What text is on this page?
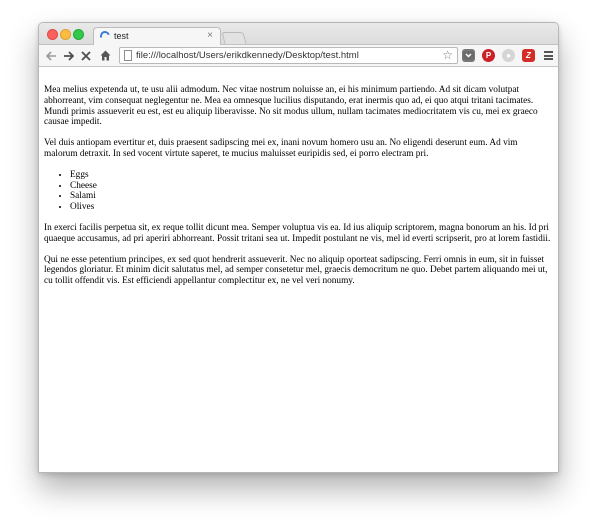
test	×
file:///localhost/Users/erikdkennedy/Desktop/test.html	☆	P	●	Z

Mea melius expetenda ut, te usu alii admodum. Nec vitae nostrum noluisse an, ei his minimum partiendo. Ad sit dicam volutpat abhorreant, vim consequat neglegentur ne. Mea ea omnesque lucilius disputando, erat inermis quo ad, ei quo atqui tritani tacimates. Mundi primis assueverit eu est, est eu aliquip liberavisse. No sit modus ullum, nullam tacimates mediocritatem vis cu, mei ex graeco causae impedit.

Vel duis antiopam evertitur et, duis praesent sadipscing mei ex, inani novum homero usu an. No eligendi deserunt eum. Ad vim malorum detraxit. In sed vocent virtute saperet, te mucius maluisset euripidis sed, ei porro electram pri.

• Eggs
• Cheese
• Salami
• Olives

In exerci facilis perpetua sit, ex reque tollit dicunt mea. Semper voluptua vis ea. Id ius aliquip scriptorem, magna bonorum an his. Id pri quaeque accusamus, ad pri aperiri abhorreant. Possit tritani sea ut. Impedit postulant ne vis, mel id everti scripserit, pro at lorem fastidii.

Qui ne esse petentium principes, ex sed quot hendrerit assueverit. Nec no aliquip oporteat sadipscing. Ferri omnis in eum, sit in fuisset legendos gloriatur. Et minim dicit salutatus mel, ad semper consetetur mel, graecis democritum ne quo. Debet partem aliquando mei ut, cu tollit offendit vis. Est efficiendi appellantur complectitur ex, ne vel veri nonumy.
